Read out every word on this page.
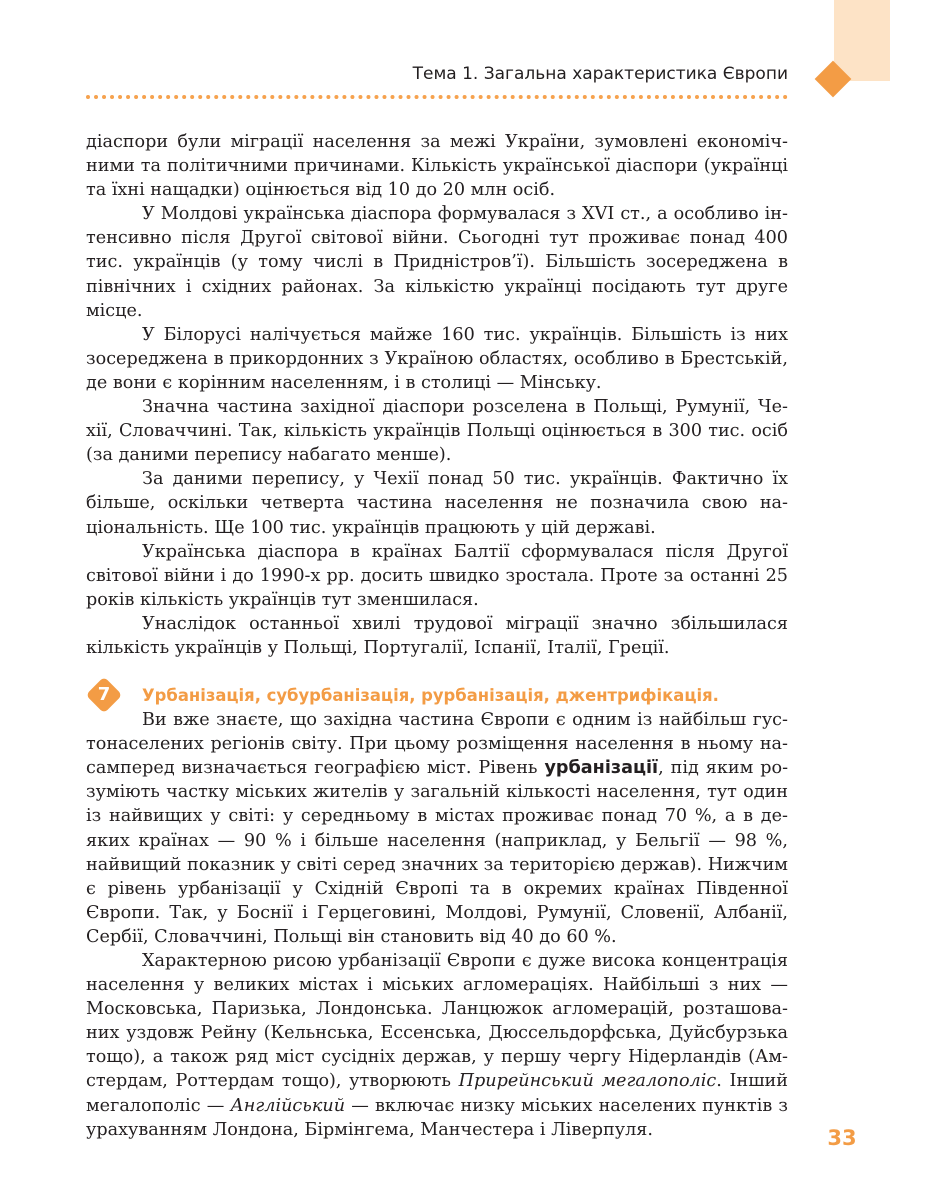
Тема 1. Загальна характеристика Європи

діаспори були міграції населення за межі України, зумовлені економічними та політичними причинами. Кількість української діаспори (українці та їхні нащадки) оцінюється від 10 до 20 млн осіб.

У Молдові українська діаспора формувалася з XVI ст., а особливо інтенсивно після Другої світової війни. Сьогодні тут проживає понад 400 тис. українців (у тому числі в Придністров’ї). Більшість зосереджена в північних і східних районах. За кількістю українці посідають тут друге місце.

У Білорусі налічується майже 160 тис. українців. Більшість із них зосереджена в прикордонних з Україною областях, особливо в Брестській, де вони є корінним населенням, і в столиці — Мінську.

Значна частина західної діаспори розселена в Польщі, Румунії, Чехії, Словаччині. Так, кількість українців Польщі оцінюється в 300 тис. осіб (за даними перепису набагато менше).

За даними перепису, у Чехії понад 50 тис. українців. Фактично їх більше, оскільки четверта частина населення не позначила свою національність. Ще 100 тис. українців працюють у цій державі.

Українська діаспора в країнах Балтії сформувалася після Другої світової війни і до 1990-х рр. досить швидко зростала. Проте за останні 25 років кількість українців тут зменшилася.

Унаслідок останньої хвилі трудової міграції значно збільшилася кількість українців у Польщі, Португалії, Іспанії, Італії, Греції.

7	Урбанізація, субурбанізація, рурбанізація, джентрифікація.

Ви вже знаєте, що західна частина Європи є одним із найбільш густонаселених регіонів світу. При цьому розміщення населення в ньому насамперед визначається географією міст. Рівень урбанізації, під яким розуміють частку міських жителів у загальній кількості населення, тут один із найвищих у світі: у середньому в містах проживає понад 70 %, а в деяких країнах — 90 % і більше населення (наприклад, у Бельгії — 98 %, найвищий показник у світі серед значних за територією держав). Нижчим є рівень урбанізації у Східній Європі та в окремих країнах Південної Європи. Так, у Боснії і Герцеговині, Молдові, Румунії, Словенії, Албанії, Сербії, Словаччині, Польщі він становить від 40 до 60 %.

Характерною рисою урбанізації Європи є дуже висока концентрація населення у великих містах і міських агломераціях. Найбільші з них — Московська, Паризька, Лондонська. Ланцюжок агломерацій, розташованих уздовж Рейну (Кельнська, Ессенська, Дюссельдорфська, Дуйсбурзька тощо), а також ряд міст сусідніх держав, у першу чергу Нідерландів (Амстердам, Роттердам тощо), утворюють Прирейнський мегалополіс. Інший мегалополіс — Англійський — включає низку міських населених пунктів з урахуванням Лондона, Бірмінгема, Манчестера і Ліверпуля.	33
